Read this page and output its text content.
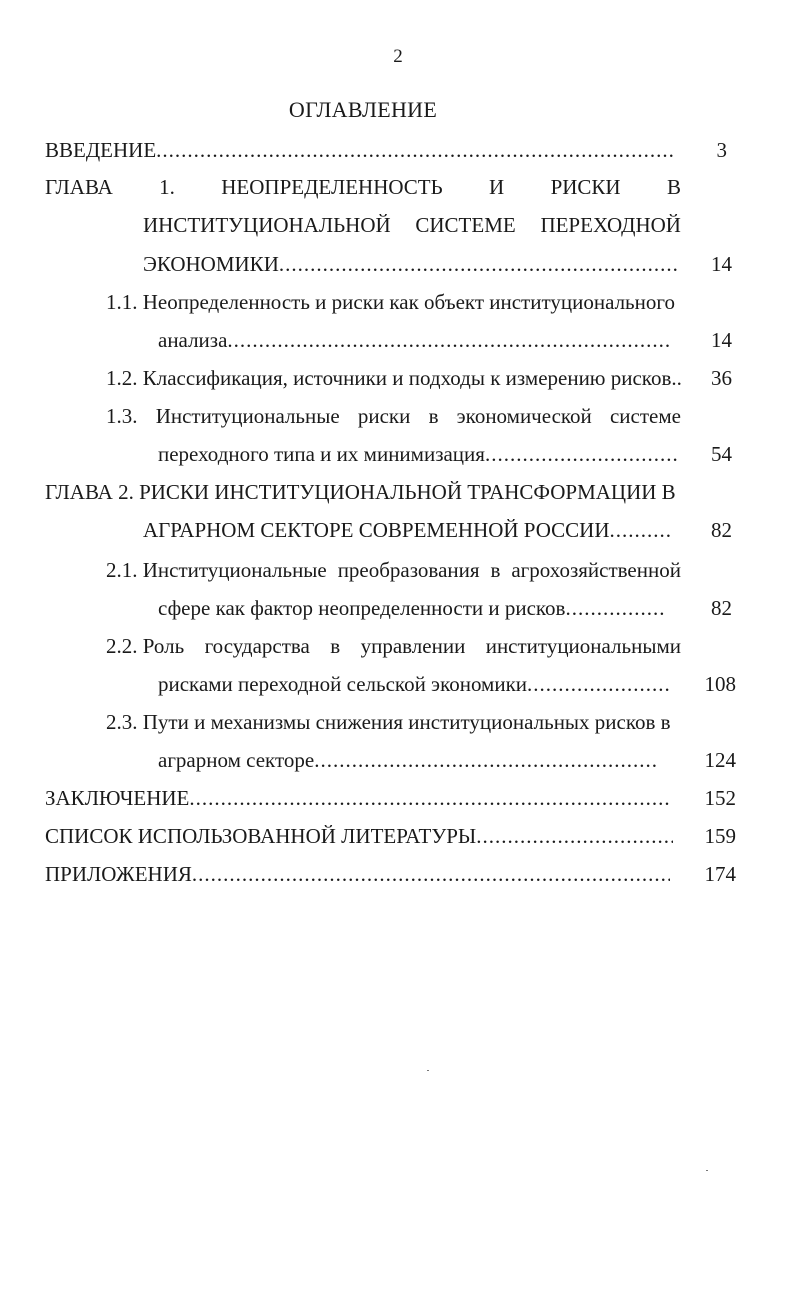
2
ОГЛАВЛЕНИЕ
ВВЕДЕНИЕ .....	3
ГЛАВА 1. НЕОПРЕДЕЛЕННОСТЬ И РИСКИ В
ИНСТИТУЦИОНАЛЬНОЙ СИСТЕМЕ ПЕРЕХОДНОЙ
ЭКОНОМИКИ .....	14
1.1. Неопределенность и риски как объект институционального
анализа .....	14
1.2. Классификация, источники и подходы к измерению рисков..	36
1.3. Институциональные риски в экономической системе
переходного типа и их минимизация .....	54
ГЛАВА 2. РИСКИ ИНСТИТУЦИОНАЛЬНОЙ ТРАНСФОРМАЦИИ В
АГРАРНОМ СЕКТОРЕ СОВРЕМЕННОЙ РОССИИ .....	82
2.1. Институциональные преобразования в агрохозяйственной
сфере как фактор неопределенности и рисков .....	82
2.2. Роль государства в управлении институциональными
рисками переходной сельской экономики .....	108
2.3. Пути и механизмы снижения институциональных рисков в
аграрном секторе .....	124
ЗАКЛЮЧЕНИЕ .....	152
СПИСОК ИСПОЛЬЗОВАННОЙ ЛИТЕРАТУРЫ .....	159
ПРИЛОЖЕНИЯ .....	174
